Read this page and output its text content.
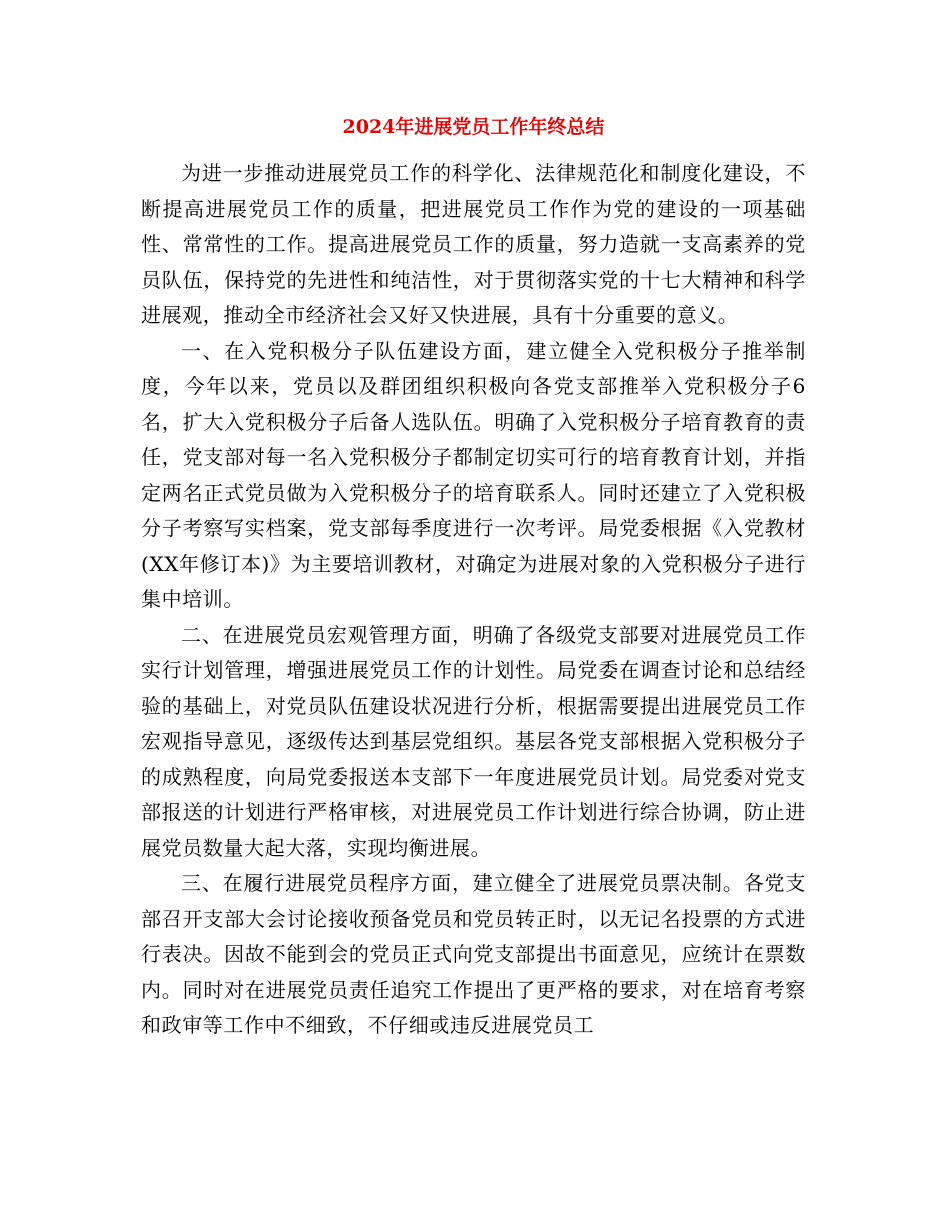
2024年进展党员工作年终总结

为进一步推动进展党员工作的科学化、法律规范化和制度化建设，不断提高进展党员工作的质量，把进展党员工作作为党的建设的一项基础性、常常性的工作。提高进展党员工作的质量，努力造就一支高素养的党员队伍，保持党的先进性和纯洁性，对于贯彻落实党的十七大精神和科学进展观，推动全市经济社会又好又快进展，具有十分重要的意义。

一、在入党积极分子队伍建设方面，建立健全入党积极分子推举制度，今年以来，党员以及群团组织积极向各党支部推举入党积极分子6名，扩大入党积极分子后备人选队伍。明确了入党积极分子培育教育的责任，党支部对每一名入党积极分子都制定切实可行的培育教育计划，并指定两名正式党员做为入党积极分子的培育联系人。同时还建立了入党积极分子考察写实档案，党支部每季度进行一次考评。局党委根据《入党教材(XX年修订本)》为主要培训教材，对确定为进展对象的入党积极分子进行集中培训。

二、在进展党员宏观管理方面，明确了各级党支部要对进展党员工作实行计划管理，增强进展党员工作的计划性。局党委在调查讨论和总结经验的基础上，对党员队伍建设状况进行分析，根据需要提出进展党员工作宏观指导意见，逐级传达到基层党组织。基层各党支部根据入党积极分子的成熟程度，向局党委报送本支部下一年度进展党员计划。局党委对党支部报送的计划进行严格审核，对进展党员工作计划进行综合协调，防止进展党员数量大起大落，实现均衡进展。

三、在履行进展党员程序方面，建立健全了进展党员票决制。各党支部召开支部大会讨论接收预备党员和党员转正时，以无记名投票的方式进行表决。因故不能到会的党员正式向党支部提出书面意见，应统计在票数内。同时对在进展党员责任追究工作提出了更严格的要求，对在培育考察和政审等工作中不细致，不仔细或违反进展党员工
